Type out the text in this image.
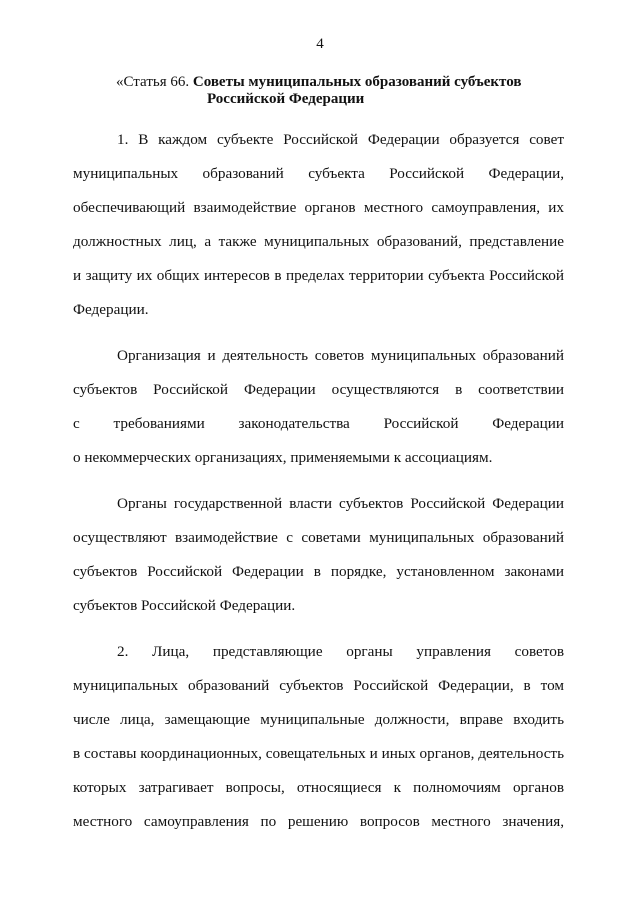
4
«Статья 66. Советы муниципальных образований субъектов
Российской Федерации
1. В каждом субъекте Российской Федерации образуется совет
муниципальных образований субъекта Российской Федерации,
обеспечивающий взаимодействие органов местного самоуправления, их
должностных лиц, а также муниципальных образований, представление
и защиту их общих интересов в пределах территории субъекта Российской
Федерации.
Организация и деятельность советов муниципальных образований
субъектов Российской Федерации осуществляются в соответствии
с требованиями законодательства Российской Федерации
о некоммерческих организациях, применяемыми к ассоциациям.
Органы государственной власти субъектов Российской Федерации
осуществляют взаимодействие с советами муниципальных образований
субъектов Российской Федерации в порядке, установленном законами
субъектов Российской Федерации.
2. Лица, представляющие органы управления советов
муниципальных образований субъектов Российской Федерации, в том
числе лица, замещающие муниципальные должности, вправе входить
в составы координационных, совещательных и иных органов, деятельность
которых затрагивает вопросы, относящиеся к полномочиям органов
местного самоуправления по решению вопросов местного значения,
